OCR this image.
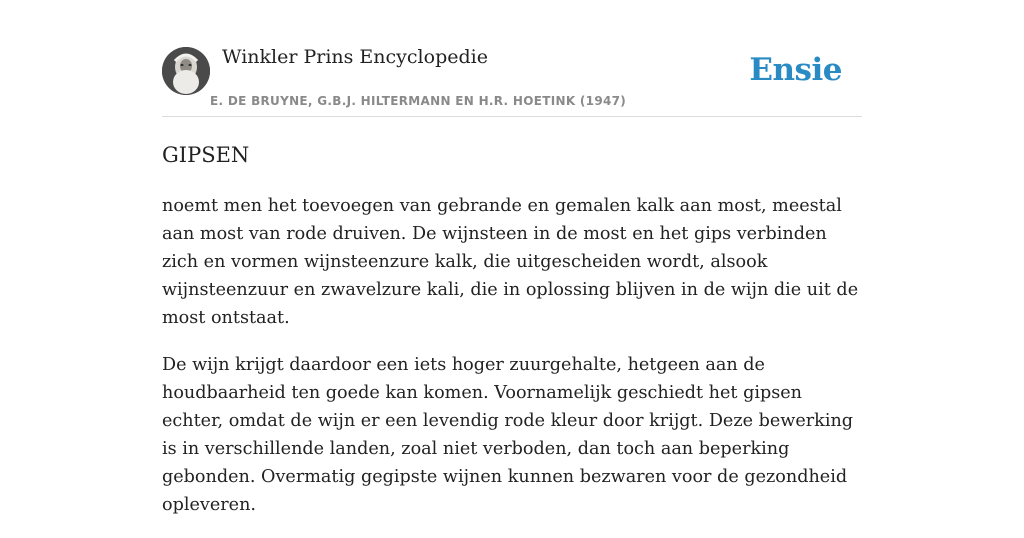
Winkler Prins Encyclopedie
E. DE BRUYNE, G.B.J. HILTERMANN EN H.R. HOETINK (1947)
Ensie
GIPSEN

noemt men het toevoegen van gebrande en gemalen kalk aan most, meestal aan most van rode druiven. De wijnsteen in de most en het gips verbinden zich en vormen wijnsteenzure kalk, die uitgescheiden wordt, alsook wijnsteenzuur en zwavelzure kali, die in oplossing blijven in de wijn die uit de most ontstaat.

De wijn krijgt daardoor een iets hoger zuurgehalte, hetgeen aan de houdbaarheid ten goede kan komen. Voornamelijk geschiedt het gipsen echter, omdat de wijn er een levendig rode kleur door krijgt. Deze bewerking is in verschillende landen, zoal niet verboden, dan toch aan beperking gebonden. Overmatig gegipste wijnen kunnen bezwaren voor de gezondheid opleveren.
